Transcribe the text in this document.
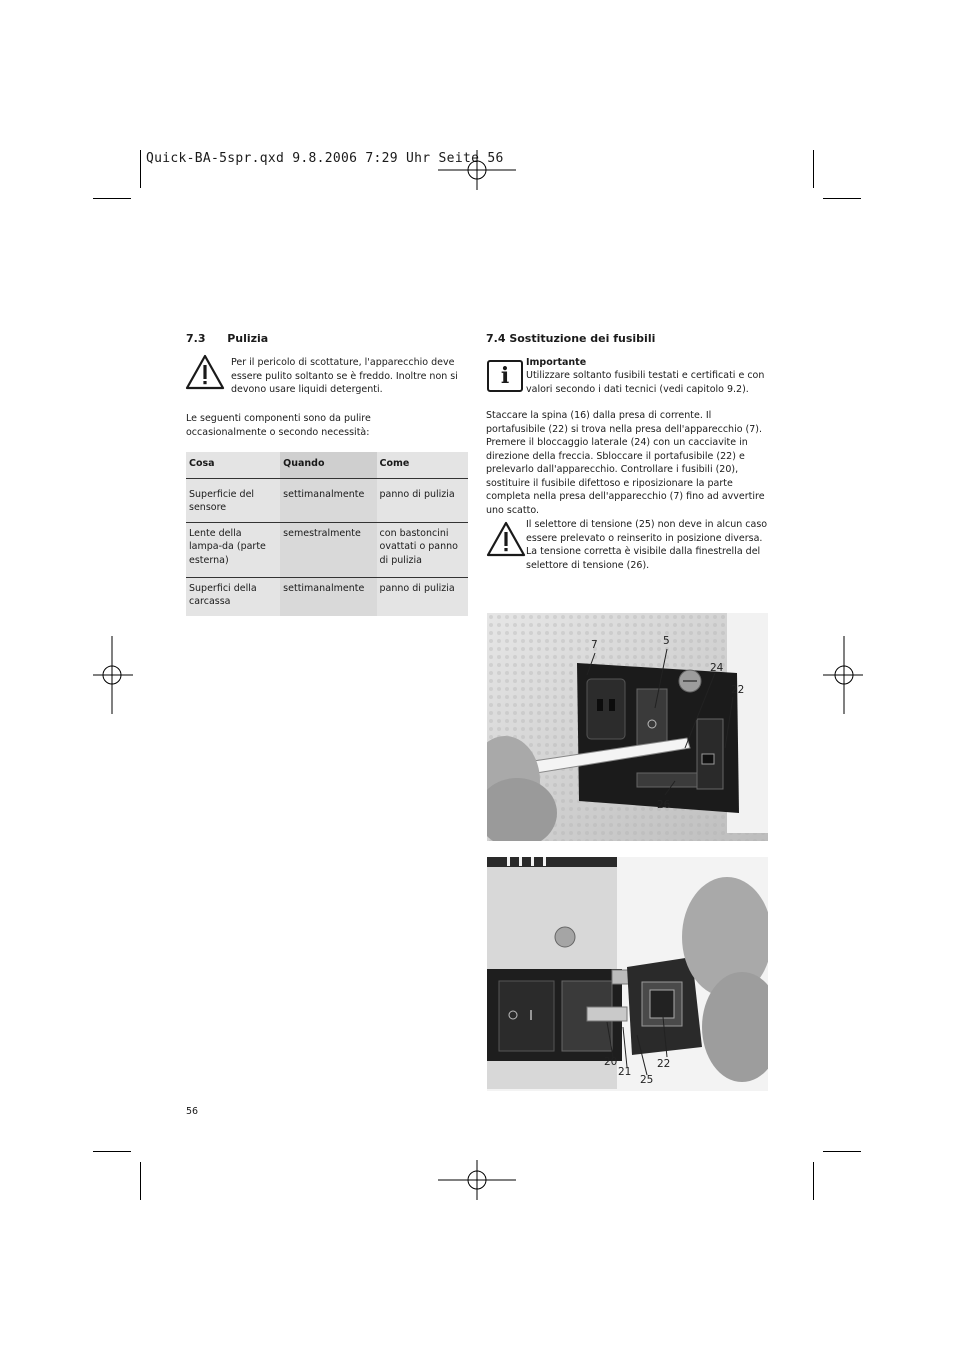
Quick-BA-5spr.qxd 9.8.2006 7:29 Uhr Seite 56
7.3 Pulizia
Per il pericolo di scottature, l'apparecchio deve essere pulito soltanto se è freddo. Inoltre non si devono usare liquidi detergenti.
Le seguenti componenti sono da pulire occasionalmente o secondo necessità:
Cosa	Quando	Come
Superficie del sensore	settimanalmente	panno di pulizia
Lente della lampa-da (parte esterna)	semestralmente	con bastoncini ovattati o panno di pulizia
Superfici della carcassa	settimanalmente	panno di pulizia
7.4 Sostituzione dei fusibili
i
Importante
Utilizzare soltanto fusibili testati e certificati e con valori secondo i dati tecnici (vedi capitolo 9.2).
Staccare la spina (16) dalla presa di corrente. Il portafusibile (22) si trova nella presa dell'apparecchio (7). Premere il bloccaggio laterale (24) con un cacciavite in direzione della freccia. Sbloccare il portafusibile (22) e prelevarlo dall'apparecchio. Controllare i fusibili (20), sostituire il fusibile difettoso e riposizionare la parte completa nella presa dell'apparecchio (7) fino ad avvertire uno scatto.
Il selettore di tensione (25) non deve in alcun caso essere prelevato o reinserito in posizione diversa. La tensione corretta è visibile dalla finestrella del selettore di tensione (26).
7	5
24
22
26
20
21
25
22
56
